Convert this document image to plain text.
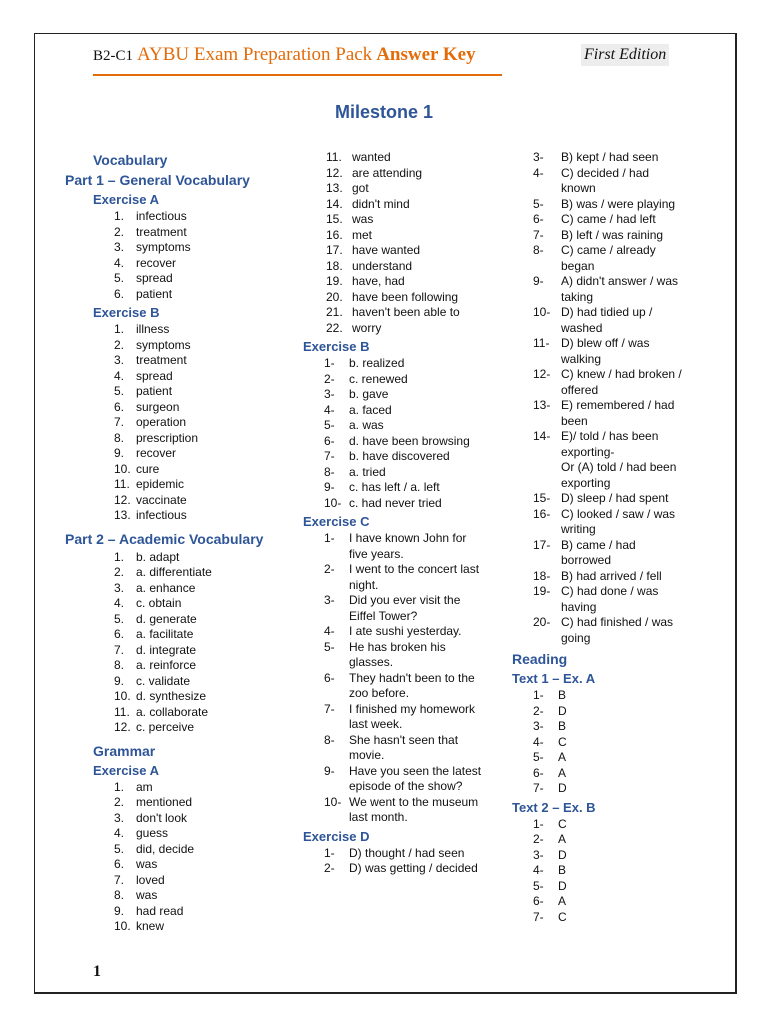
B2-C1 AYBU Exam Preparation Pack Answer Key	First Edition
Milestone 1
Vocabulary
Part 1 – General Vocabulary
Exercise A
1. infectious
2. treatment
3. symptoms
4. recover
5. spread
6. patient
Exercise B
1. illness
2. symptoms
3. treatment
4. spread
5. patient
6. surgeon
7. operation
8. prescription
9. recover
10. cure
11. epidemic
12. vaccinate
13. infectious
Part 2 – Academic Vocabulary
1. b. adapt
2. a. differentiate
3. a. enhance
4. c. obtain
5. d. generate
6. a. facilitate
7. d. integrate
8. a. reinforce
9. c. validate
10. d. synthesize
11. a. collaborate
12. c. perceive
Grammar
Exercise A
1. am
2. mentioned
3. don't look
4. guess
5. did, decide
6. was
7. loved
8. was
9. had read
10. knew
11. wanted
12. are attending
13. got
14. didn't mind
15. was
16. met
17. have wanted
18. understand
19. have, had
20. have been following
21. haven't been able to
22. worry
Exercise B
1-	b. realized
2-	c. renewed
3-	b. gave
4-	a. faced
5-	a. was
6-	d. have been browsing
7-	b. have discovered
8-	a. tried
9-	c. has left / a. left
10- c. had never tried
Exercise C
1-	I have known John for five years.
2-	I went to the concert last night.
3-	Did you ever visit the Eiffel Tower?
4-	I ate sushi yesterday.
5-	He has broken his glasses.
6-	They hadn't been to the zoo before.
7-	I finished my homework last week.
8-	She hasn't seen that movie.
9-	Have you seen the latest episode of the show?
10- We went to the museum last month.
Exercise D
1-	D) thought / had seen
2-	D) was getting / decided
3-	B) kept / had seen
4-	C) decided / had known
5-	B) was / were playing
6-	C) came / had left
7-	B) left / was raining
8-	C) came / already began
9-	A) didn't answer / was taking
10- D) had tidied up / washed
11- D) blew off / was walking
12- C) knew / had broken / offered
13- E) remembered / had been
14- E)/ told / has been exporting-
Or (A) told / had been exporting
15- D) sleep / had spent
16- C) looked / saw / was writing
17- B) came / had borrowed
18- B) had arrived / fell
19- C) had done / was having
20- C) had finished / was going
Reading
Text 1 – Ex. A
1-	B
2-	D
3-	B
4-	C
5-	A
6-	A
7-	D
Text 2 – Ex. B
1-	C
2-	A
3-	D
4-	B
5-	D
6-	A
7-	C
1
